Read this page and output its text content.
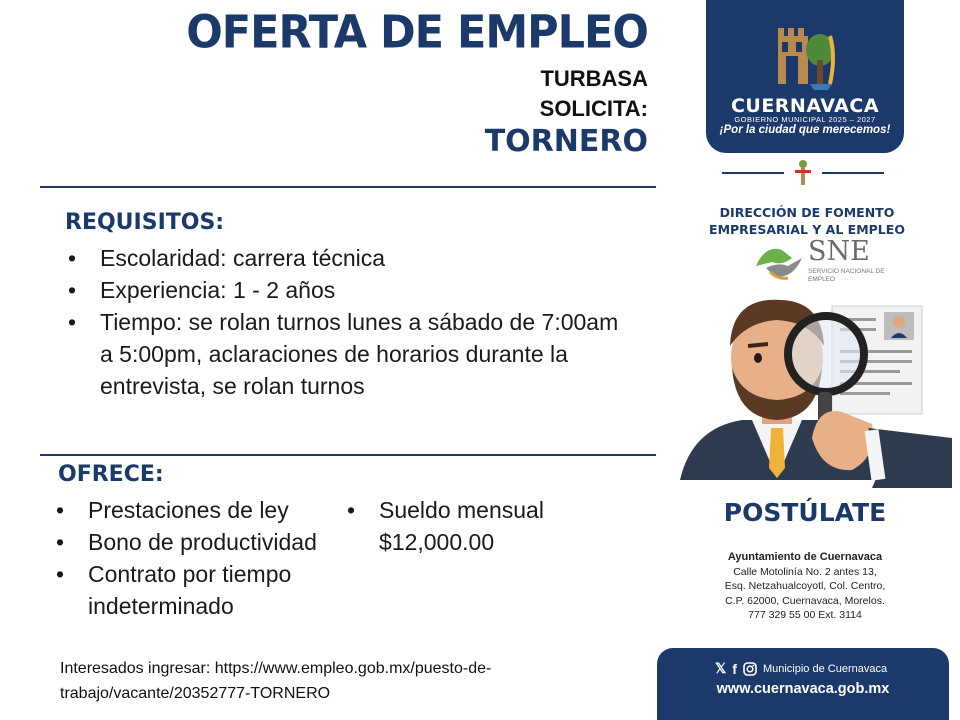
OFERTA DE EMPLEO
TURBASA
SOLICITA:
TORNERO
REQUISITOS:
• Escolaridad: carrera técnica
• Experiencia: 1 - 2 años
• Tiempo: se rolan turnos lunes a sábado de 7:00am a 5:00pm, aclaraciones de horarios durante la entrevista, se rolan turnos
OFRECE:
• Prestaciones de ley
• Bono de productividad
• Contrato por tiempo indeterminado
• Sueldo mensual $12,000.00
Interesados ingresar: https://www.empleo.gob.mx/puesto-de-trabajo/vacante/20352777-TORNERO
CUERNAVACA
GOBIERNO MUNICIPAL 2025 – 2027
¡Por la ciudad que merecemos!
DIRECCIÓN DE FOMENTO EMPRESARIAL Y AL EMPLEO
SNE
SERVICIO NACIONAL DE EMPLEO
POSTÚLATE
Ayuntamiento de Cuernavaca
Calle Motolinía No. 2 antes 13,
Esq. Netzahualcoyotl, Col. Centro,
C.P. 62000, Cuernavaca, Morelos.
777 329 55 00 Ext. 3114
𝕏 f Municipio de Cuernavaca
www.cuernavaca.gob.mx
